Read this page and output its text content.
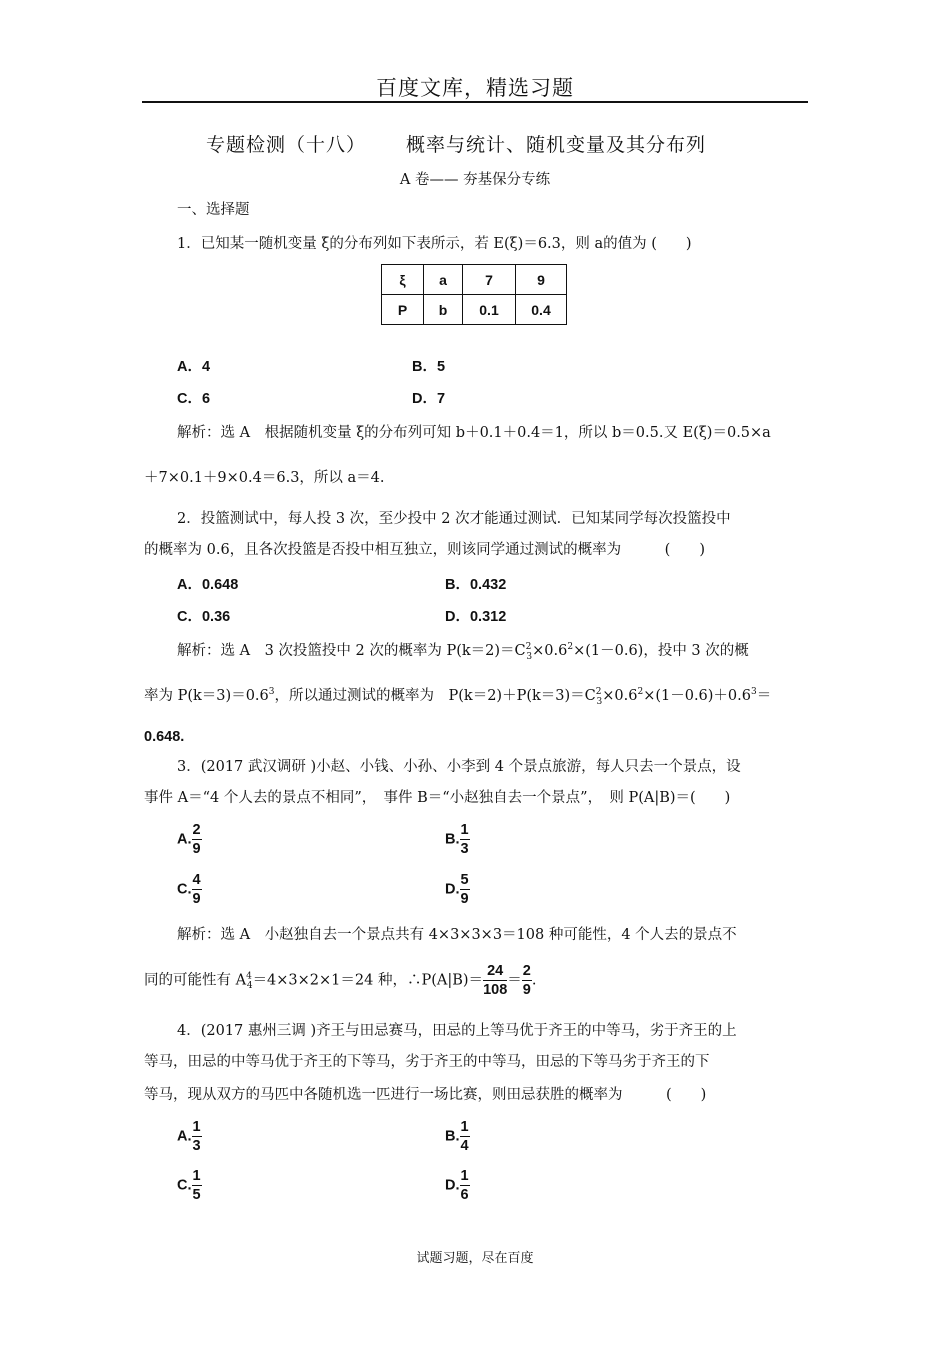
百度文库，精选习题
专题检测（十八） 概率与统计、随机变量及其分布列
A 卷—— 夯基保分专练
一、选择题
1．已知某一随机变量 ξ的分布列如下表所示，若 E(ξ)＝6.3，则 a的值为 (　　)
ξ	a	7	9
P	b	0.1	0.4
A．4	B．5
C．6	D．7
解析：选 A　根据随机变量 ξ的分布列可知 b＋0.1＋0.4＝1，所以 b＝0.5.又 E(ξ)＝0.5×a
＋7×0.1＋9×0.4＝6.3，所以 a＝4.
2．投篮测试中，每人投 3 次，至少投中 2 次才能通过测试．已知某同学每次投篮投中
的概率为 0.6，且各次投篮是否投中相互独立，则该同学通过测试的概率为　　　(　　)
A．0.648	B．0.432
C．0.36	D．0.312
解析：选 A　3 次投篮投中 2 次的概率为 $P(k=2)=C^2_3\times 0.6^2\times(1-0.6)$，投中 3 次的概
率为 $P(k=3)=0.6^3$，所以通过测试的概率为　$P(k=2)+P(k=3)=C^2_3\times 0.6^2\times(1-0.6)+0.6^3=$
0.648.
3．(2017 武汉调研 )小赵、小钱、小孙、小李到 4 个景点旅游，每人只去一个景点，设
事件 A＝“4 个人去的景点不相同”，　事件 B＝“小赵独自去一个景点”，　则 P(A|B)＝(　　)
A. $\frac{2}{9}$	B. $\frac{1}{3}$
C. $\frac{4}{9}$	D. $\frac{5}{9}$
解析：选 A　小赵独自去一个景点共有 4×3×3×3＝108 种可能性，4 个人去的景点不
同的可能性有 $A^4_4=4\times 3\times 2\times 1=24$ 种，∴P(A|B)＝ $\frac{24}{108} = \frac{2}{9}$ .
4．(2017 惠州三调 )齐王与田忌赛马，田忌的上等马优于齐王的中等马，劣于齐王的上
等马，田忌的中等马优于齐王的下等马，劣于齐王的中等马，田忌的下等马劣于齐王的下
等马，现从双方的马匹中各随机选一匹进行一场比赛，则田忌获胜的概率为　　　(　　)
A. $\frac{1}{3}$	B. $\frac{1}{4}$
C. $\frac{1}{5}$	D. $\frac{1}{6}$
试题习题，尽在百度
